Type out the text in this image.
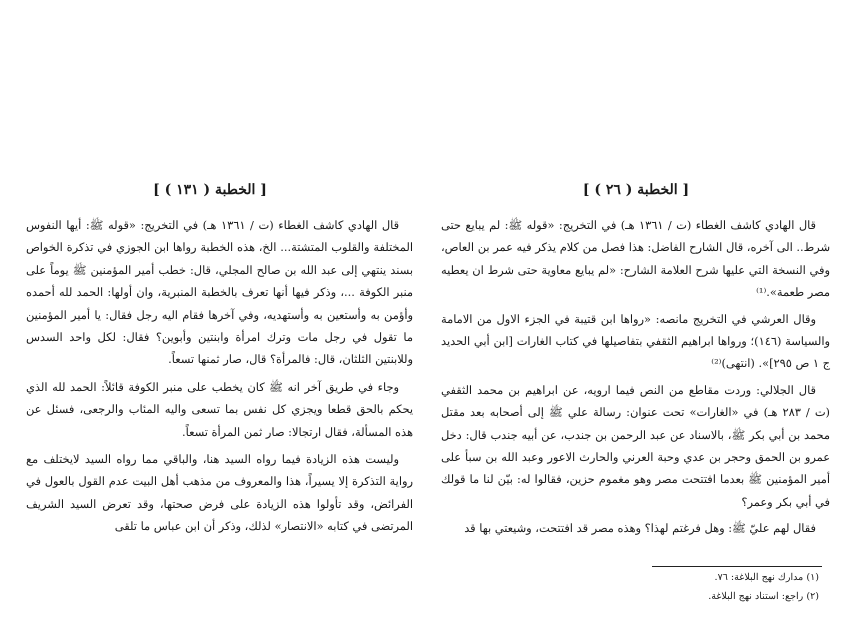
[ الخطبة ( ١٣١ ) ]

قال الهادي كاشف الغطاء (ت / ١٣٦١ هـ) في التخريج: «قوله ﷺ: أيها النفوس المختلفة والقلوب المتشتة... الخ، هذه الخطبة رواها ابن الجوزي في تذكرة الخواص بسند ينتهي إلى عبد الله بن صالح المجلي، قال: خطب أمير المؤمنين ﷺ يوماً على منبر الكوفة ...، وذكر فيها أنها تعرف بالخطبة المنبرية، وان أولها: الحمد لله أحمده وأؤمن به وأستعين به وأستهديه، وفي آخرها فقام اليه رجل فقال: يا أمير المؤمنين ما تقول في رجل مات وترك امرأة وابنتين وأبوين؟ فقال: لكل واحد السدس وللابنتين الثلثان، قال: فالمرأة؟ قال، صار ثمنها تسعاً.

وجاء في طريق آخر انه ﷺ كان يخطب على منبر الكوفة قائلاً: الحمد لله الذي يحكم بالحق قطعا ويجزي كل نفس بما تسعى واليه المئاب والرجعى، فسئل عن هذه المسألة، فقال ارتجالا: صار ثمن المرأة تسعاً.

وليست هذه الزيادة فيما رواه السيد هنا، والباقي مما رواه السيد لايختلف مع رواية التذكرة إلا يسيراً، هذا والمعروف من مذهب أهل البيت عدم القول بالعول في الفرائض، وقد تأولوا هذه الزيادة على فرض صحتها، وقد تعرض السيد الشريف المرتضى في كتابه «الانتصار» لذلك، وذكر أن ابن عباس ما تلقى

[ الخطبة ( ٢٦ ) ]

قال الهادي كاشف الغطاء (ت / ١٣٦١ هـ) في التخريج: «قوله ﷺ: لم يبايع حتى شرط.. الى آخره، قال الشارح الفاضل: هذا فصل من كلام يذكر فيه عمر بن العاص، وفي النسخة التي عليها شرح العلامة الشارح: «لم يبايع معاوية حتى شرط ان يعطيه مصر طعمة».⁽¹⁾

وقال العرشي في التخريج مانصه: «رواها ابن قتيبة في الجزء الاول من الامامة والسياسة (١٤٦)؛ ورواها ابراهيم الثقفي بتفاصيلها في كتاب الغارات [ابن أبي الحديد ج ١ ص ٢٩٥]». (انتهى)⁽²⁾

قال الجلالي: وردت مقاطع من النص فيما ارويه، عن ابراهيم بن محمد الثقفي (ت / ٢٨٣ هـ) في «الغارات» تحت عنوان: رسالة علي ﷺ إلى أصحابه بعد مقتل محمد بن أبي بكر ﷺ، بالاسناد عن عبد الرحمن بن جندب، عن أبيه جندب قال: دخل عمرو بن الحمق وحجر بن عدي وحبة العرني والحارث الاعور وعبد الله بن سبأ على أمير المؤمنين ﷺ بعدما افتتحت مصر وهو مغموم حزين، فقالوا له: بيّن لنا ما قولك في أبي بكر وعمر؟

فقال لهم عليّ ﷺ: وهل فرغتم لهذا؟ وهذه مصر قد افتتحت، وشيعتي بها قد

(١) مدارك نهج البلاغة: ٧٦.

(٢) راجع: استناد نهج البلاغة.
